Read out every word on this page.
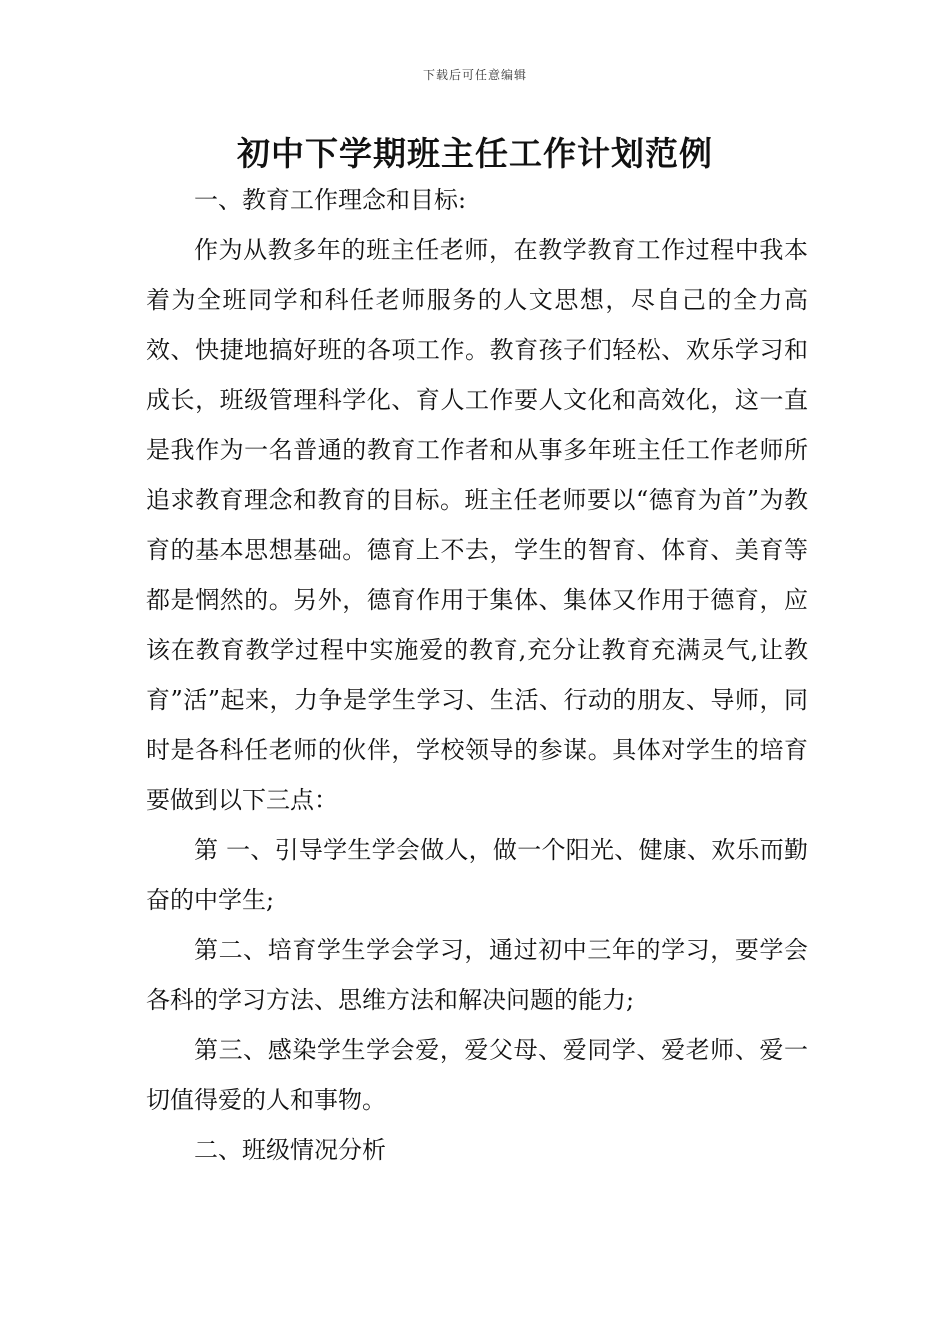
下载后可任意编辑
初中下学期班主任工作计划范例

一、教育工作理念和目标:

作为从教多年的班主任老师，在教学教育工作过程中我本着为全班同学和科任老师服务的人文思想，尽自己的全力高效、快捷地搞好班的各项工作。教育孩子们轻松、欢乐学习和成长，班级管理科学化、育人工作要人文化和高效化，这一直是我作为一名普通的教育工作者和从事多年班主任工作老师所追求教育理念和教育的目标。班主任老师要以“德育为首”为教育的基本思想基础。德育上不去，学生的智育、体育、美育等都是惘然的。另外，德育作用于集体、集体又作用于德育，应该在教育教学过程中实施爱的教育,充分让教育充满灵气,让教育”活”起来，力争是学生学习、生活、行动的朋友、导师，同时是各科任老师的伙伴，学校领导的参谋。具体对学生的培育要做到以下三点：

第 一、引导学生学会做人，做一个阳光、健康、欢乐而勤奋的中学生;

第二、培育学生学会学习，通过初中三年的学习，要学会各科的学习方法、思维方法和解决问题的能力;

第三、感染学生学会爱，爱父母、爱同学、爱老师、爱一切值得爱的人和事物。

二、班级情况分析
